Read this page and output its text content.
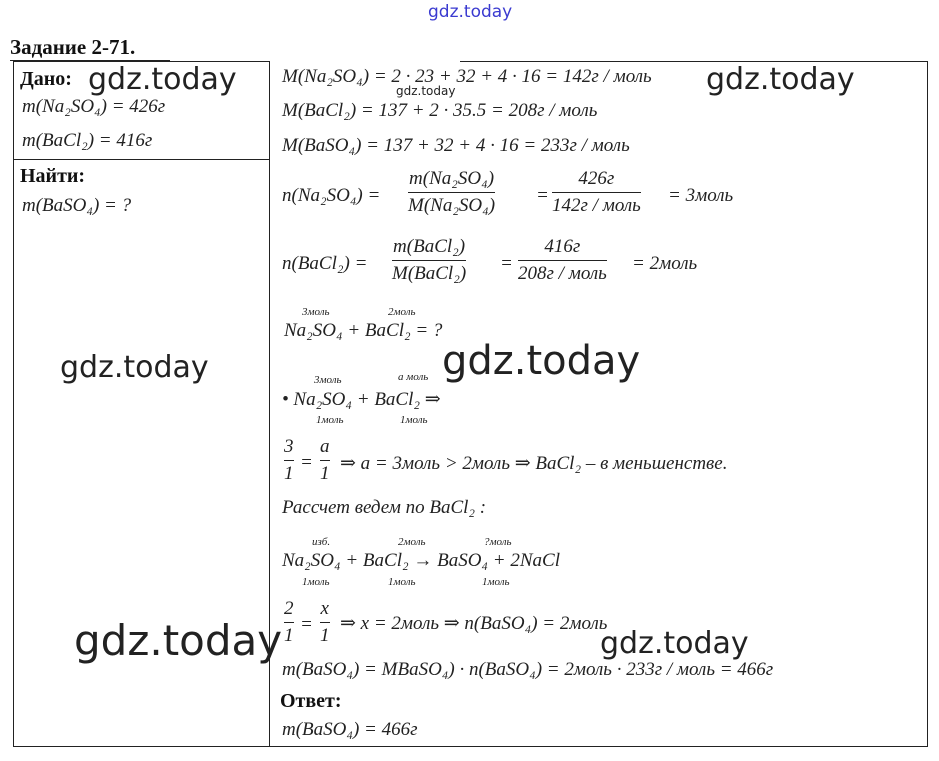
gdz.today
Задание 2-71.
Дано: gdz.today
m(Na₂SO₄) = 426г
m(BaCl₂) = 416г
Найти:
m(BaSO₄) = ?
gdz.today
M(Na₂SO₄) = 2 · 23 + 32 + 4 · 16 = 142г / моль
gdz.today	gdz.today
M(BaCl₂) = 137 + 2 · 35.5 = 208г / моль
M(BaSO₄) = 137 + 32 + 4 · 16 = 233г / моль
n(Na₂SO₄) =
m(Na₂SO₄)
M(Na₂SO₄) =
426г
142г / моль = 3моль
n(BaCl₂) =
m(BaCl₂)
M(BaCl₂) =
416г
208г / моль = 2моль
3моль	2моль
Na₂SO₄ + BaCl₂ = ?
gdz.today
3моль	а моль
• Na₂SO₄ + BaCl₂ ⇒
1моль	1моль
3
1
=
a
1 ⇒ a = 3моль > 2моль ⇒ BaCl₂ – в меньшенстве.
Рассчет ведем по BaCl₂ :
изб.	2моль	?моль
Na₂SO₄ + BaCl₂ → BaSO₄ + 2NaCl
1моль	1моль	1моль
2
1
=
x
1
⇒ x = 2моль ⇒ n(BaSO₄) = 2моль
gdz.today	gdz.today
m(BaSO₄) = MBaSO₄) · n(BaSO₄) = 2моль · 233г / моль = 466г
Ответ:
m(BaSO₄) = 466г
